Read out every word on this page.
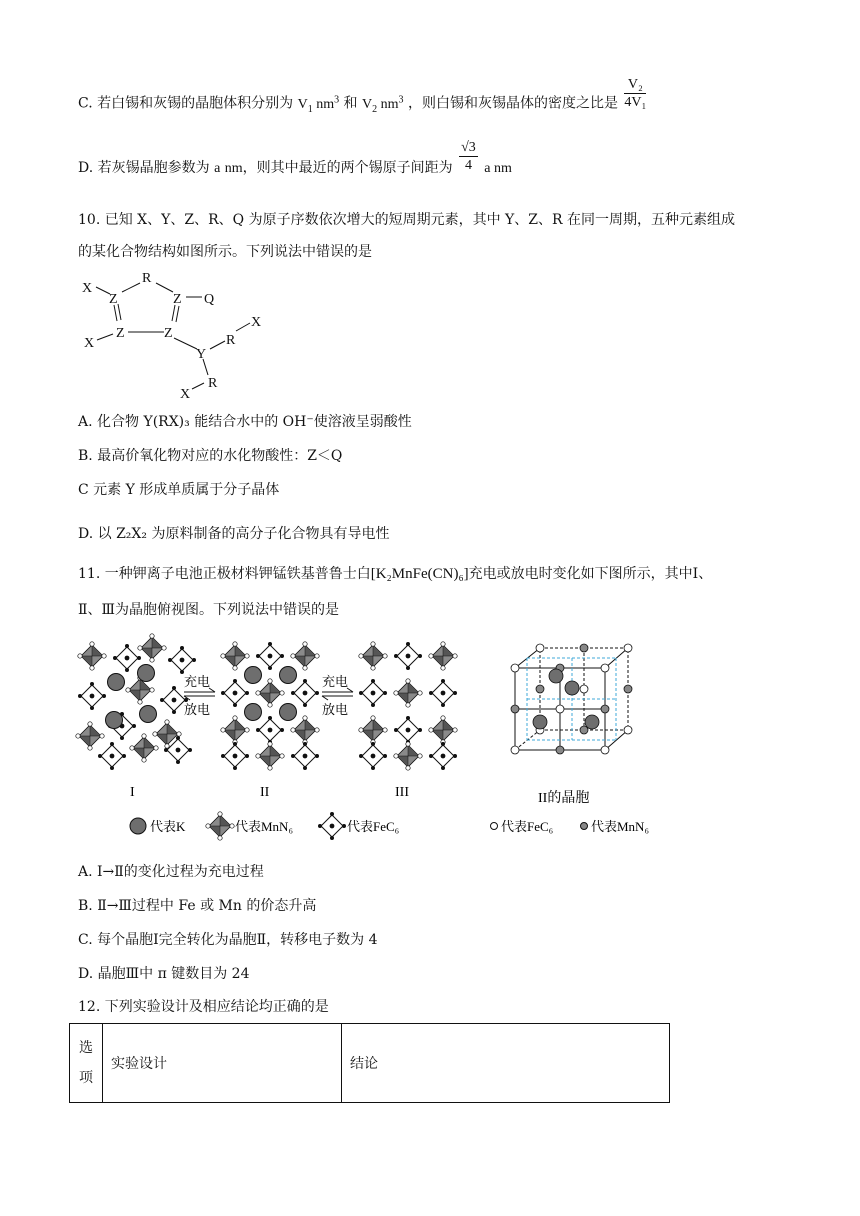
C. 若白锡和灰锡的晶胞体积分别为 $V_1$ $nm^3$ 和 $V_2$ $nm^3$ ，则白锡和灰锡晶体的密度之比是 $\frac{\text{V₂}}{\text{4V₁}}$
D. 若灰锡晶胞参数为 a nm，则其中最近的两个锡原子间距为 $\frac{√3}{4}$ a nm
10. 已知 X、Y、Z、R、Q 为原子序数依次增大的短周期元素，其中 Y、Z、R 在同一周期，五种元素组成
的某化合物结构如图所示。下列说法中错误的是
X
R
Z	Z Q
X
Z	Z
Y
R
X
R
X
A. 化合物 Y(RX)₃ 能结合水中的 OH⁻使溶液呈弱酸性
B. 最高价氧化物对应的水化物酸性：Z＜Q
C 元素 Y 形成单质属于分子晶体
D. 以 Z₂X₂ 为原料制备的高分子化合物具有导电性
11. 一种钾离子电池正极材料钾锰铁基普鲁士白[K₂MnFe(CN)₆]充电或放电时变化如下图所示，其中Ⅰ、
Ⅱ、Ⅲ为晶胞俯视图。下列说法中错误的是
充电
放电
充电
放电
I	II	III	II的晶胞
代表K	代表MnN₆	代表FeC₆	代表FeC₆	代表MnN₆
A. Ⅰ→Ⅱ的变化过程为充电过程
B. Ⅱ→Ⅲ过程中 Fe 或 Mn 的价态升高
C. 每个晶胞Ⅰ完全转化为晶胞Ⅱ，转移电子数为 4
D. 晶胞Ⅲ中 π 键数目为 24
12. 下列实验设计及相应结论均正确的是
选
项	实验设计	结论
